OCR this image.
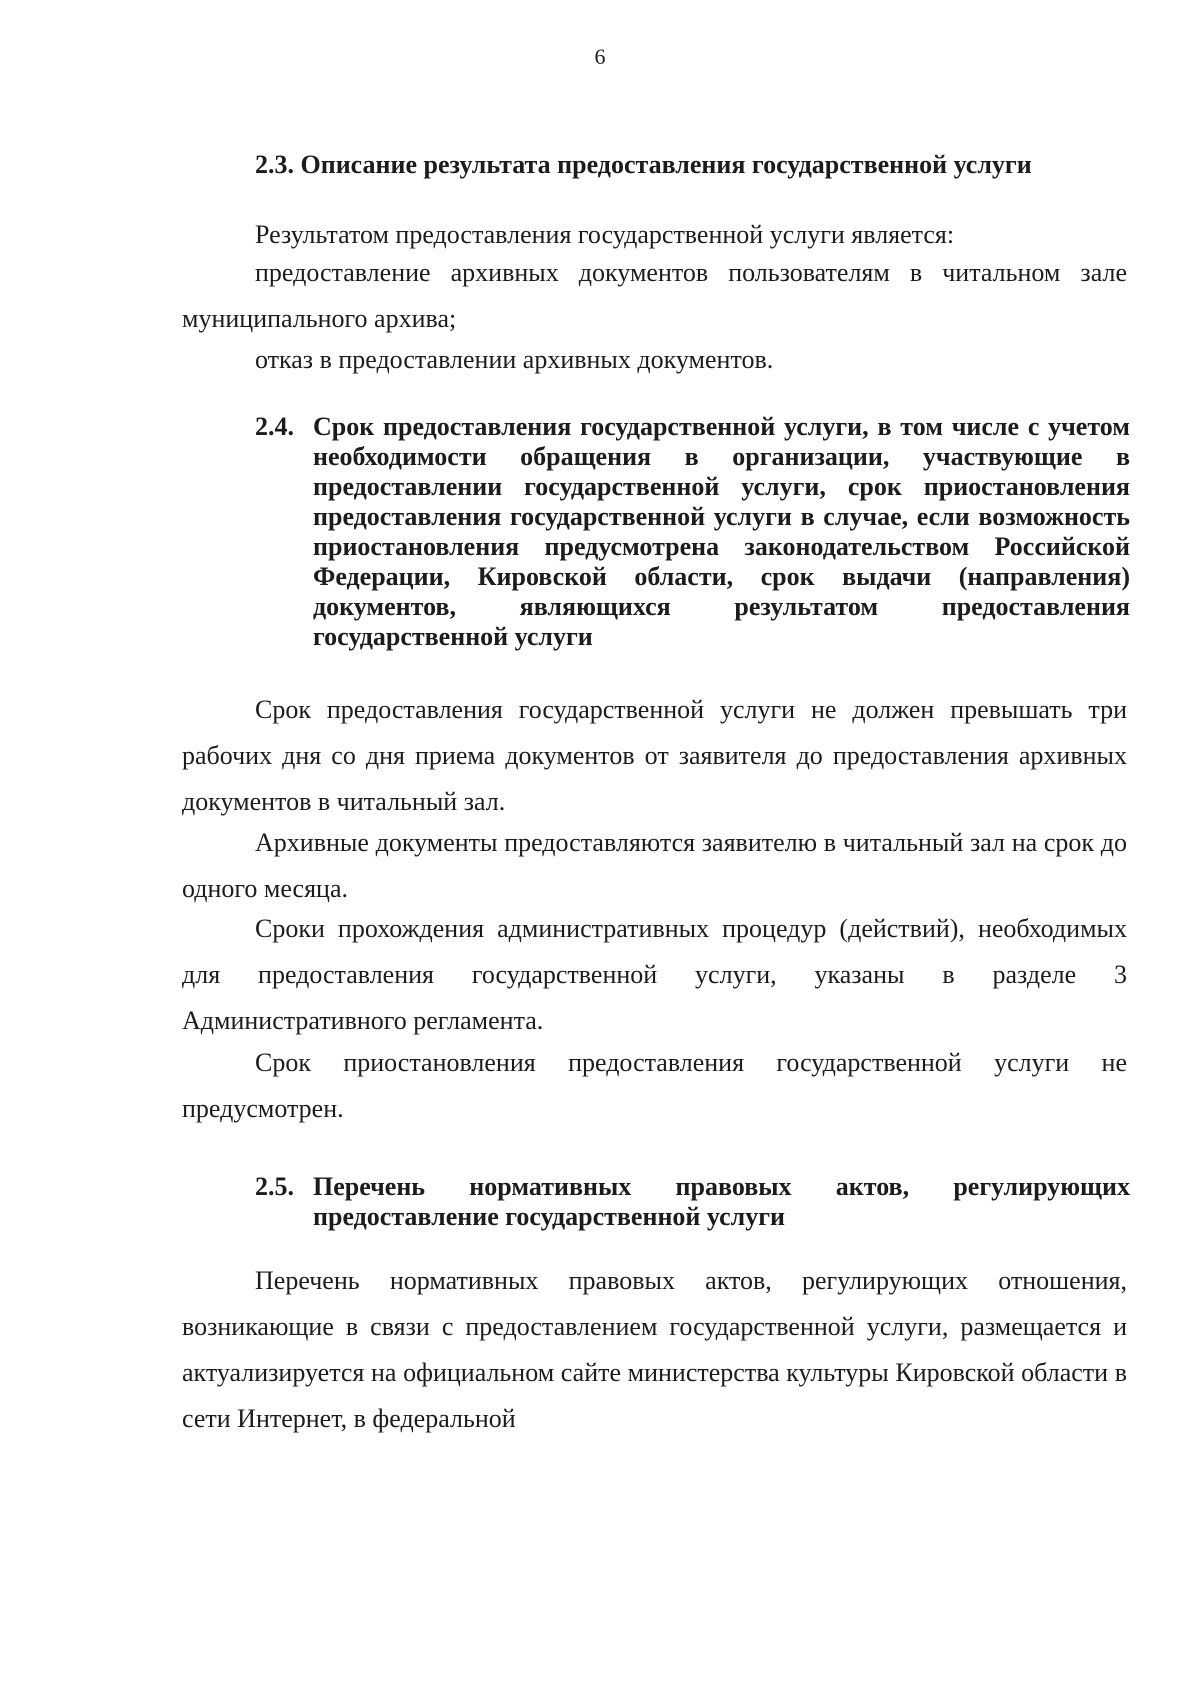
6
2.3. Описание результата предоставления государственной услуги

Результатом предоставления государственной услуги является:

предоставление архивных документов пользователям в читальном зале муниципального архива;

отказ в предоставлении архивных документов.

2.4. Срок предоставления государственной услуги, в том числе с учетом необходимости обращения в организации, участвующие в предоставлении государственной услуги, срок приостановления предоставления государственной услуги в случае, если возможность приостановления предусмотрена законодательством Российской Федерации, Кировской области, срок выдачи (направления) документов, являющихся результатом предоставления государственной услуги

Срок предоставления государственной услуги не должен превышать три рабочих дня со дня приема документов от заявителя до предоставления архивных документов в читальный зал.

Архивные документы предоставляются заявителю в читальный зал на срок до одного месяца.

Сроки прохождения административных процедур (действий), необходимых для предоставления государственной услуги, указаны в разделе 3 Административного регламента.

Срок приостановления предоставления государственной услуги не предусмотрен.

2.5. Перечень нормативных правовых актов, регулирующих предоставление государственной услуги

Перечень нормативных правовых актов, регулирующих отношения, возникающие в связи с предоставлением государственной услуги, размещается и актуализируется на официальном сайте министерства культуры Кировской области в сети Интернет, в федеральной
